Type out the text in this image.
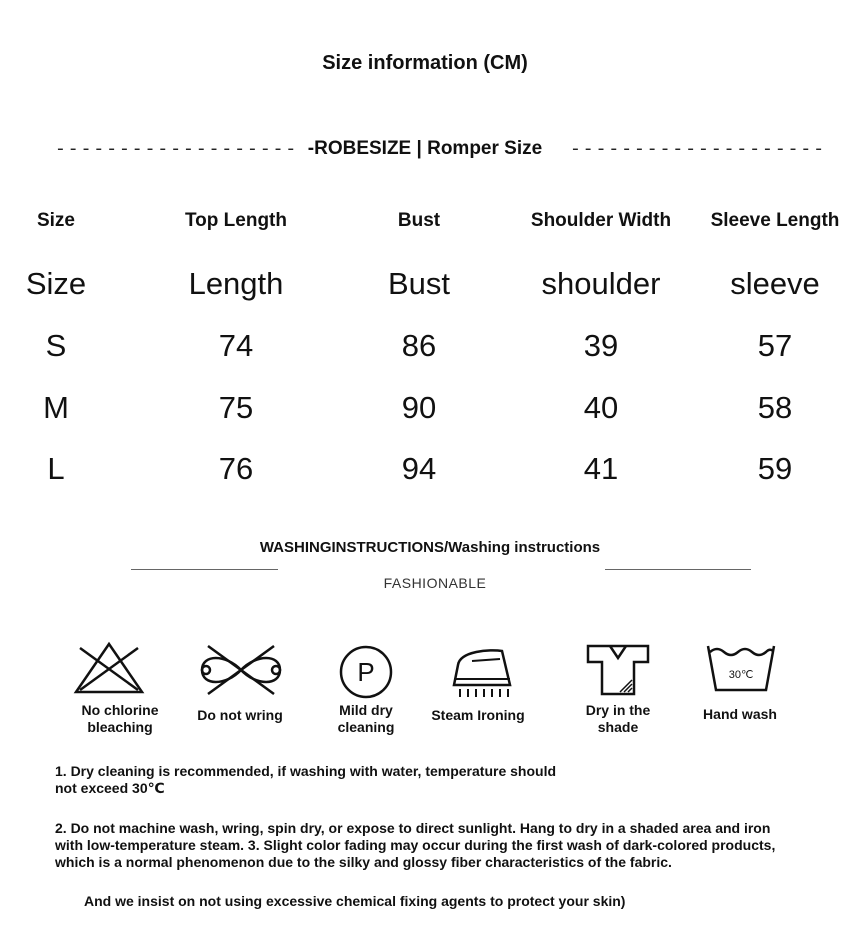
Size information (CM)
------------------- -ROBESIZE | Romper Size	--------------------
Size	Top Length	Bust	Shoulder Width	Sleeve Length
Size	Length	Bust	shoulder	sleeve
S	74	86	39	57
M	75	90	40	58
L	76	94	41	59
WASHINGINSTRUCTIONS/Washing instructions
FASHIONABLE
No chlorine
bleaching
Do not wring
P
Mild dry
cleaning
Steam Ironing	Dry in the
shade
30℃
Hand wash
1. Dry cleaning is recommended, if washing with water, temperature should
not exceed 30℃
2. Do not machine wash, wring, spin dry, or expose to direct sunlight. Hang to dry in a shaded area and iron
with low-temperature steam. 3. Slight color fading may occur during the first wash of dark-colored products,
which is a normal phenomenon due to the silky and glossy fiber characteristics of the fabric.
And we insist on not using excessive chemical fixing agents to protect your skin)
